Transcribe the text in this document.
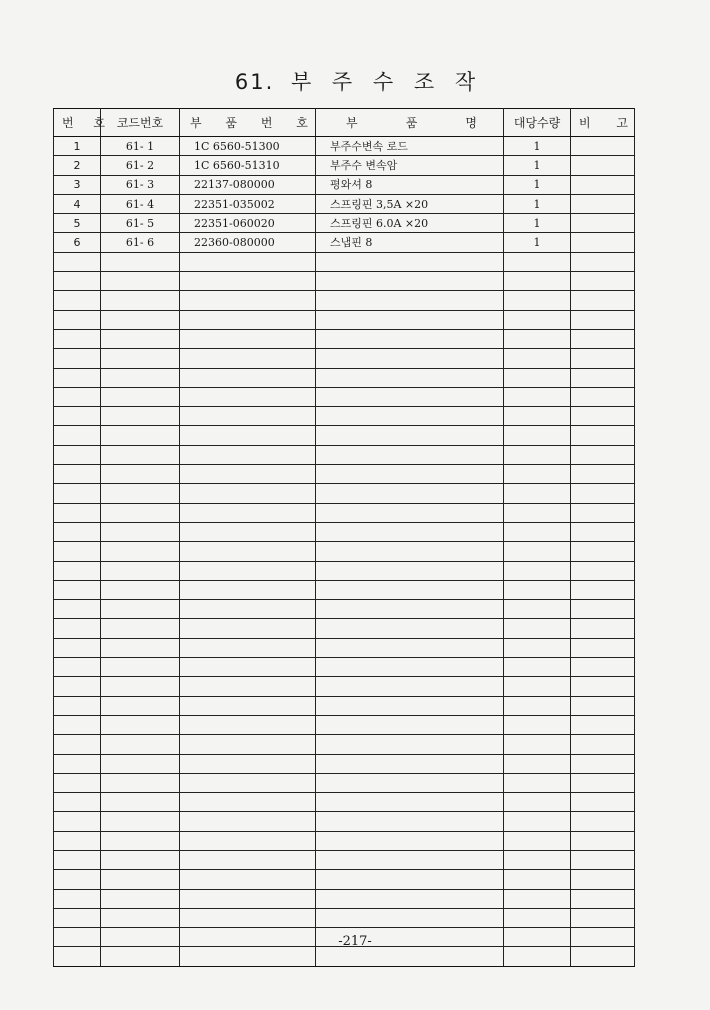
61. 부 주 수 조 작
번 호	코드번호	부 품 번 호	부 품 명	대당수량	비 고
1	61- 1	1C 6560-51300	부주수변속 로드	1	
2	61- 2	1C 6560-51310	부주수 변속암	1	
3	61- 3	22137-080000	평와셔 8	1	
4	61- 4	22351-035002	스프링핀 3,5A ×20	1	
5	61- 5	22351-060020	스프링핀 6.0A ×20	1	
6	61- 6	22360-080000	스냅핀 8	1	

-217-
